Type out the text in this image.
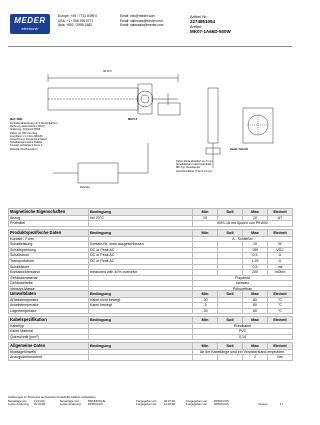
MEDER
electronic
Europe: +49 / 7731 8399 0
USA: +1 / 508 295 0771
Asia: +852 / 2955 1682
Email: info@meder.com
Email: salesusa@meder.com
Email: salesasia@meder.com
Artikel Nr.:
2274851054
Artikel:
MK07-1A66D-500W
38 ±0.5
MAT. SMD
Zentralenabdeckung mit 3 Sensorflächen
Reihe of product/series: MK07
Isolierung: Polyamid PA66
Kabel: ca. 500 mm lang
Anschluss: 2 x Litze AWG26
Umspritzung: Polyamid schwarz
Schaltabstand siehe Tabelle
Kontakt: Schließer 1 Form A
Material: RoHS-konform
MK07-2
Detail / Schnitt
Kabel: Ende abisoliert ca. 5 mm
Schaltabstand nach Datenblatt
MK-Typ: Reedsensor
Anschlusskabel: PVC 0,14 mm²
Zahnrad
Magnetische Eigenschaften	Bedingung	Min	Soll	Max	Einheit
Anzug	bei 20°C	10		20	AT
Prüfmittel		KMS-18 mit Spulen von PKW02			
Produktspezifische Daten	Bedingung	Min	Soll	Max	Einheit
Kontakt - Form		A - Schließer			
Schaltleistung	Kontakt-Nr. ohne ausgeschlossen			10	W
Schaltspannung	DC or Peak AC			180	VDC
Schaltstrom	DC or Peak AC			0,5	A
Transportstrom	DC or Peak AC			1,25	A
Schaltdauer				0,5	ms
Kontaktwiderstand	measured with 40% overdrive			200	mOhm
Gehäusematerial		Polyamid			
Gehäusefarbe		schwarz			
Verguss-Masse		Polyurethan			
Umweltdaten	Bedingung	Min	Soll	Max	Einheit
Arbeitstemperatur	Kabel nicht bewegt	-30		80	°C
Arbeitstemperatur	Kabel bewegt	-5		80	°C
Lagertemperatur		-30		80	°C
Kabelspezifikation	Bedingung	Min	Soll	Max	Einheit
Kabeltyp		Rundkabel			
Kabel Material		PVC			
Querschnitt [mm²]		0,14			
Allgemeine Daten	Bedingung	Min	Soll	Max	Einheit
Montagehinweis		Ab 5m Kabellänge sind ein Vorwiderstand empfohlen.			
Anzugsdrehmoment				2	Nm
Änderungen im Sinne des technischen Fortschritts bleiben vorbehalten
Neuanlage am:	11.03.06	Neuanlage von:	MRODRIGUE	Freigegeben am: 09.07.06	Freigegeben von: RPROCIUS
Letzte Änderung: 26.02.08	Letzte Änderung: RPROCIUS	Freigegeben am: 12.03.08	Freigegeben von: RPROCIUS	Version:	17
